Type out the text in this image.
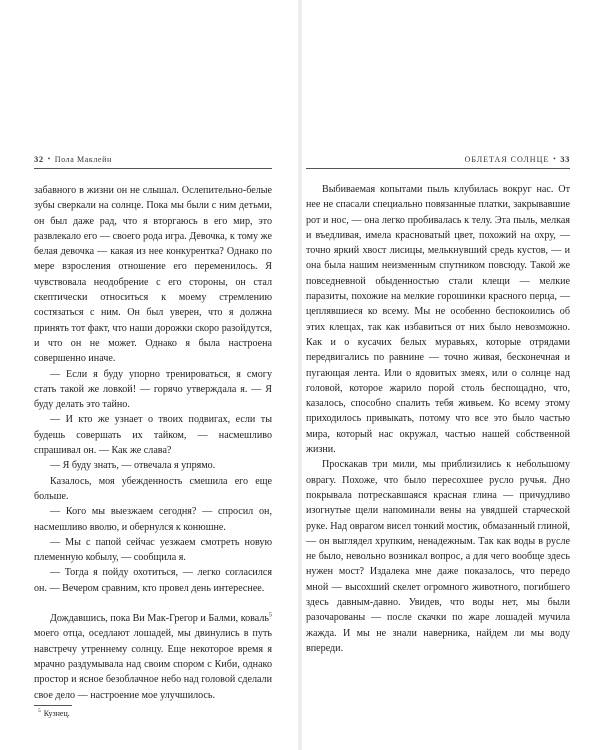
32 • Пола Маклейн

забавного в жизни он не слышал. Ослепительно-белые зубы сверкали на солнце. Пока мы были с ним детьми, он был даже рад, что я вторгаюсь в его мир, это развлекало его — своего рода игра. Девочка, к тому же белая девочка — какая из нее конкурентка? Однако по мере взросления отношение его переменилось. Я чувствовала неодобрение с его стороны, он стал скептически относиться к моему стремлению состязаться с ним. Он был уверен, что я должна принять тот факт, что наши дорожки скоро разойдутся, и что он не может. Однако я была настроена совершенно иначе.

— Если я буду упорно тренироваться, я смогу стать такой же ловкой! — горячо утверждала я. — Я буду делать это тайно.

— И кто же узнает о твоих подвигах, если ты будешь совершать их тайком, — насмешливо спрашивал он. — Как же слава?

— Я буду знать, — отвечала я упрямо.

Казалось, моя убежденность смешила его еще больше.

— Кого мы выезжаем сегодня? — спросил он, насмешливо вволю, и обернулся к конюшне.

— Мы с папой сейчас уезжаем смотреть новую племенную кобылу, — сообщила я.

— Тогда я пойду охотиться, — легко согласился он. — Вечером сравним, кто провел день интереснее.

Дождавшись, пока Ви Мак-Грегор и Балми, коваль$^5$ моего отца, оседлают лошадей, мы двинулись в путь навстречу утреннему солнцу. Еще некоторое время я мрачно раздумывала над своим спором с Киби, однако простор и ясное безоблачное небо над головой сделали свое дело — настроение мое улучшилось.

$^5$ Кузнец.
ОБЛЕТАЯ СОЛНЦЕ • 33

Выбиваемая копытами пыль клубилась вокруг нас. От нее не спасали специально повязанные платки, закрывавшие рот и нос, — она легко пробивалась к телу. Эта пыль, мелкая и въедливая, имела красноватый цвет, похожий на охру, — точно яркий хвост лисицы, мелькнувший средь кустов, — и она была нашим неизменным спутником повсюду. Такой же повседневной обыденностью стали клещи — мелкие паразиты, похожие на мелкие горошинки красного перца, — цеплявшиеся ко всему. Мы не особенно беспокоились об этих клещах, так как избавиться от них было невозможно. Как и о кусачих белых муравьях, которые отрядами передвигались по равнине — точно живая, бесконечная и пугающая лента. Или о ядовитых змеях, или о солнце над головой, которое жарило порой столь беспощадно, что, казалось, способно спалить тебя живьем. Ко всему этому приходилось привыкать, потому что все это было частью мира, который нас окружал, частью нашей собственной жизни.

Проскакав три мили, мы приблизились к небольшому оврагу. Похоже, что было пересохшее русло ручья. Дно покрывала потрескавшаяся красная глина — причудливо изогнутые щели напоминали вены на увядшей старческой руке. Над оврагом висел тонкий мостик, обмазанный глиной, — он выглядел хрупким, ненадежным. Так как воды в русле не было, невольно возникал вопрос, а для чего вообще здесь нужен мост? Издалека мне даже показалось, что передо мной — высохший скелет огромного животного, погибшего здесь давным-давно. Увидев, что воды нет, мы были разочарованы — после скачки по жаре лошадей мучила жажда. И мы не знали наверника, найдем ли мы воду впереди.
